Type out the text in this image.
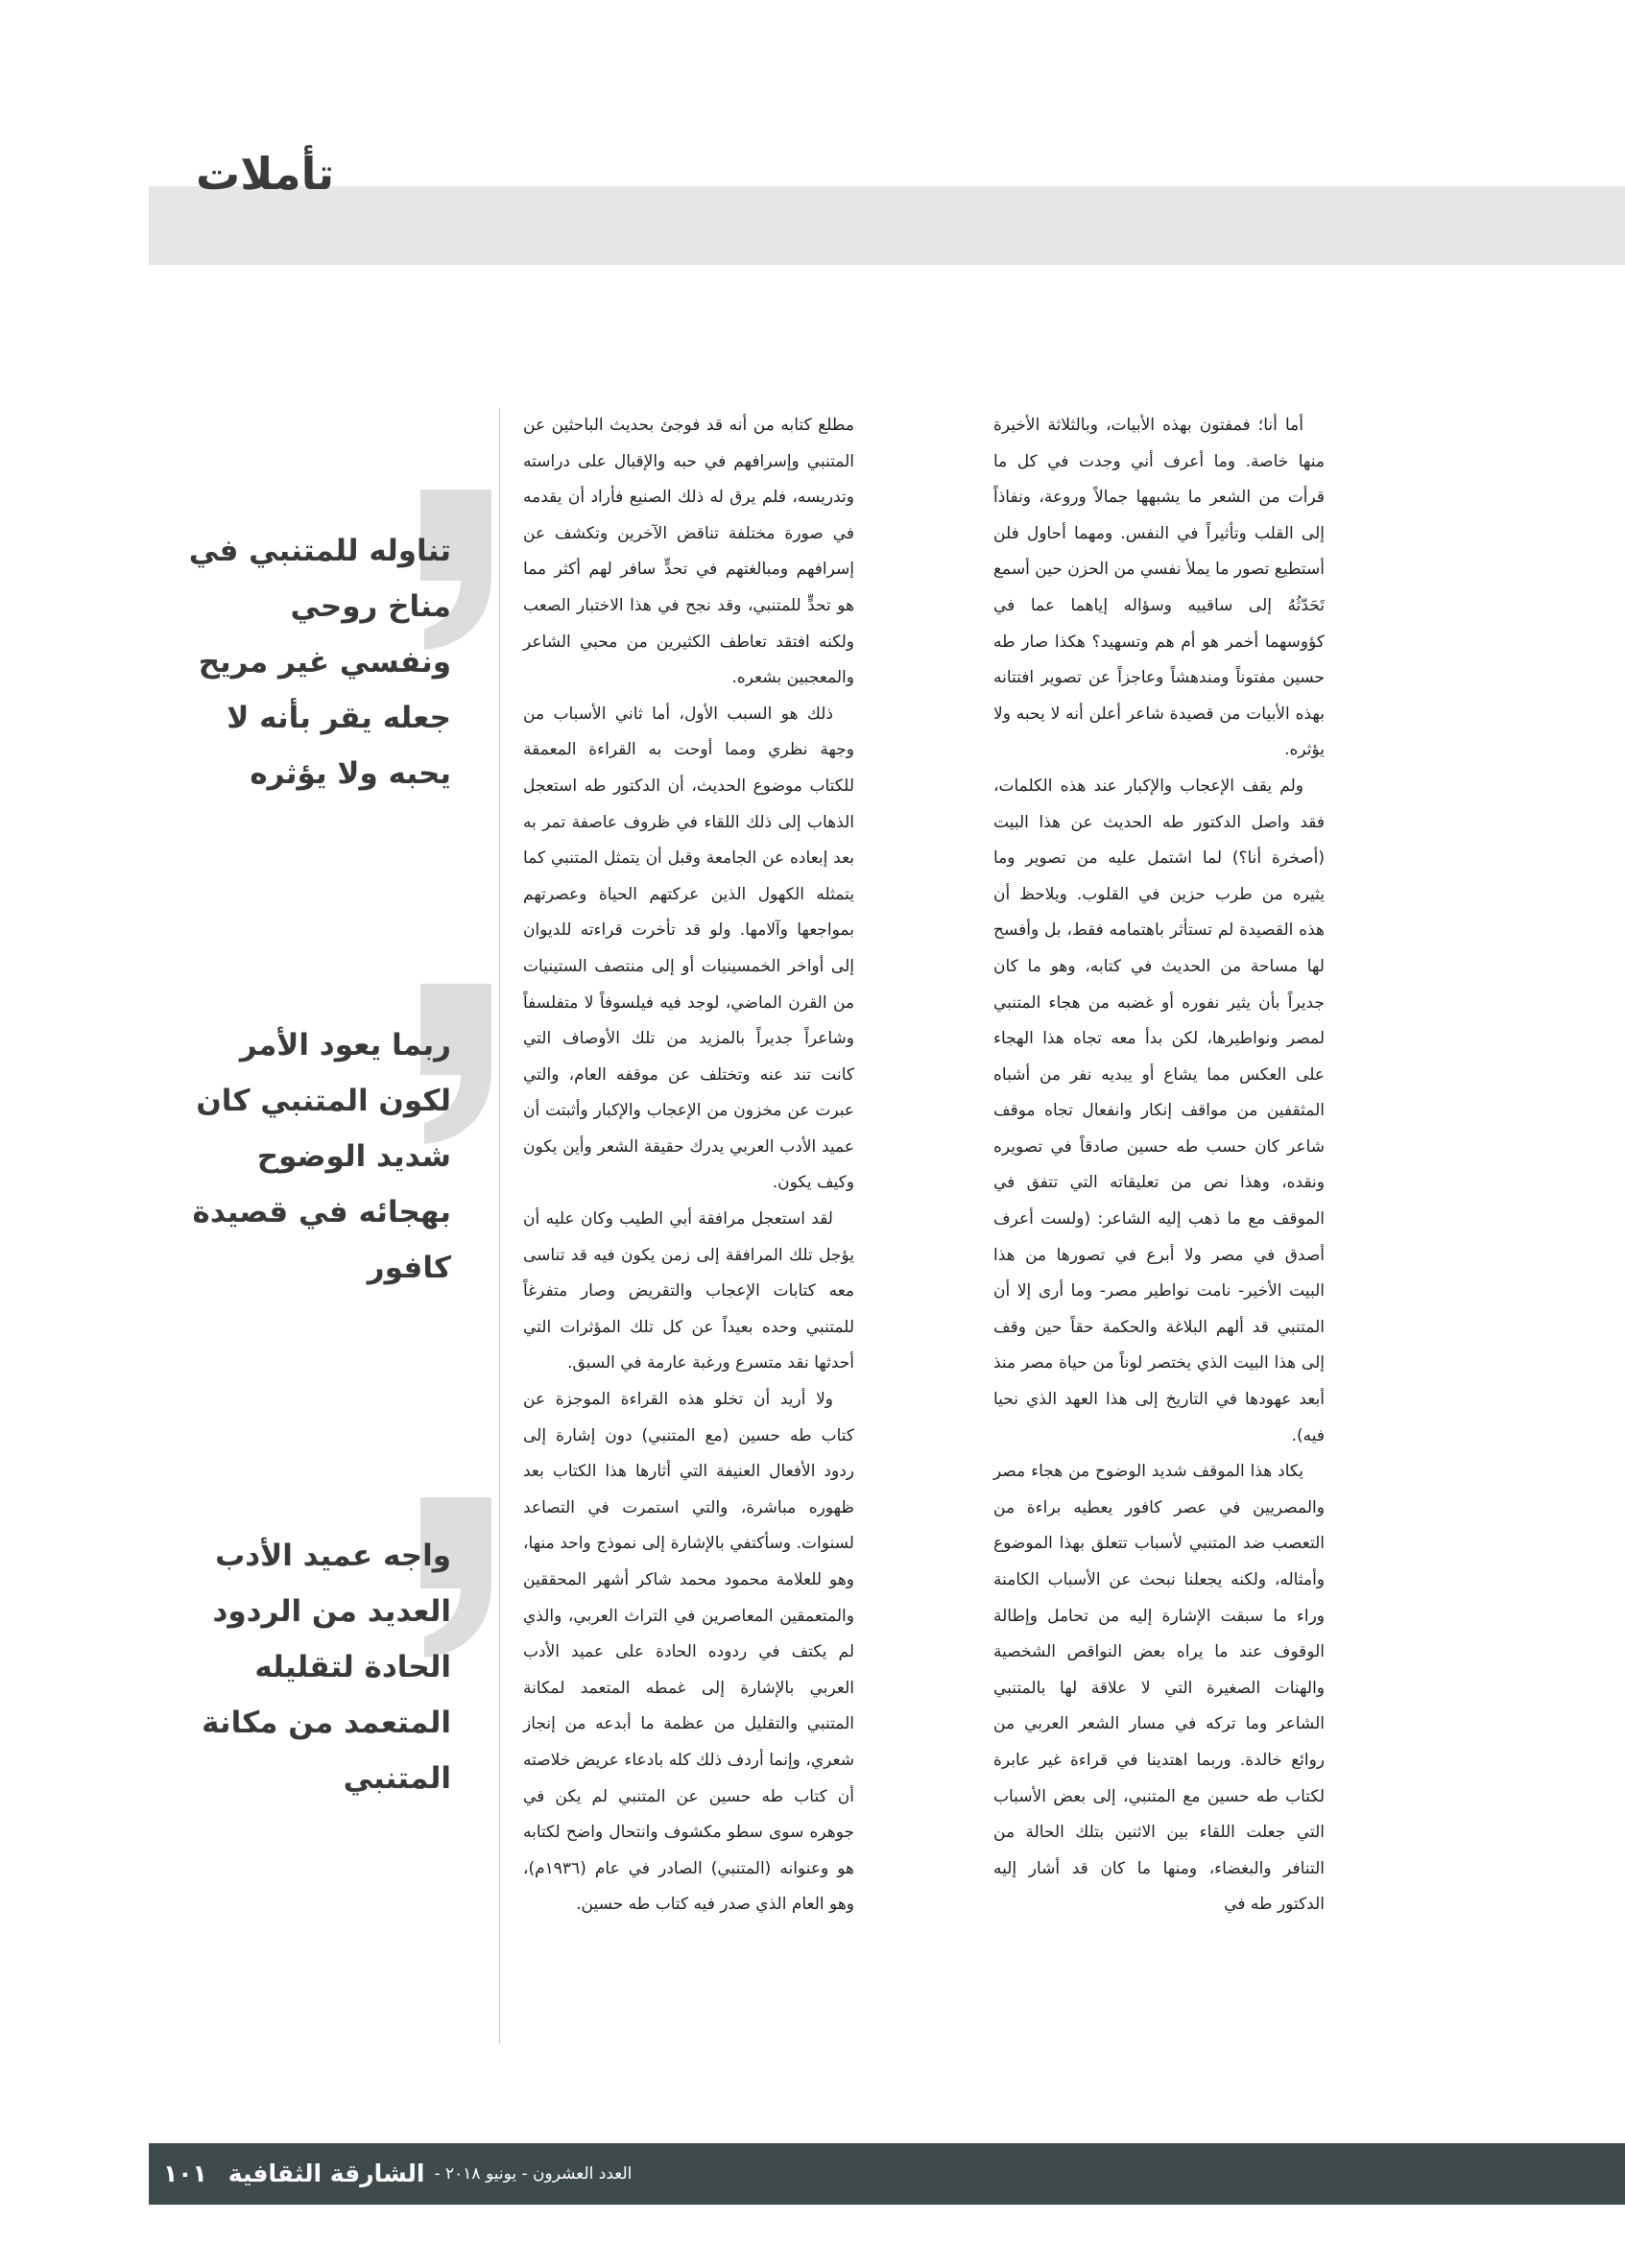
تأملات

أما أنا؛ فمفتون بهذه الأبيات، وبالثلاثة الأخيرة منها خاصة. وما أعرف أني وجدت في كل ما قرأت من الشعر ما يشبهها جمالاً وروعة، ونفاذاً إلى القلب وتأثيراً في النفس. ومهما أحاول فلن أستطيع تصور ما يملأ نفسي من الحزن حين أسمع تَحَدّثُهُ إلى ساقييه وسؤاله إياهما عما في كؤوسهما أخمر هو أم هم وتسهيد؟ هكذا صار طه حسين مفتوناً ومندهشاً وعاجزاً عن تصوير افتتانه بهذه الأبيات من قصيدة شاعر أعلن أنه لا يحبه ولا يؤثره.

ولم يقف الإعجاب والإكبار عند هذه الكلمات، فقد واصل الدكتور طه الحديث عن هذا البيت (أصخرة أنا؟) لما اشتمل عليه من تصوير وما يثيره من طرب حزين في القلوب. ويلاحظ أن هذه القصيدة لم تستأثر باهتمامه فقط، بل وأفسح لها مساحة من الحديث في كتابه، وهو ما كان جديراً بأن يثير نفوره أو غضبه من هجاء المتنبي لمصر ونواطيرها، لكن بدأ معه تجاه هذا الهجاء على العكس مما يشاع أو يبديه نفر من أشباه المثقفين من مواقف إنكار وانفعال تجاه موقف شاعر كان حسب طه حسين صادقاً في تصويره ونقده، وهذا نص من تعليقاته التي تتفق في الموقف مع ما ذهب إليه الشاعر: (ولست أعرف أصدق في مصر ولا أبرع في تصورها من هذا البيت الأخير- نامت نواطير مصر- وما أرى إلا أن المتنبي قد ألهم البلاغة والحكمة حقاً حين وقف إلى هذا البيت الذي يختصر لوناً من حياة مصر منذ أبعد عهودها في التاريخ إلى هذا العهد الذي نحيا فيه).

يكاد هذا الموقف شديد الوضوح من هجاء مصر والمصريين في عصر كافور يعطيه براءة من التعصب ضد المتنبي لأسباب تتعلق بهذا الموضوع وأمثاله، ولكنه يجعلنا نبحث عن الأسباب الكامنة وراء ما سبقت الإشارة إليه من تحامل وإطالة الوقوف عند ما يراه بعض النواقص الشخصية والهنات الصغيرة التي لا علاقة لها بالمتنبي الشاعر وما تركه في مسار الشعر العربي من روائع خالدة. وربما اهتدينا في قراءة غير عابرة لكتاب طه حسين مع المتنبي، إلى بعض الأسباب التي جعلت اللقاء بين الاثنين بتلك الحالة من التنافر والبغضاء، ومنها ما كان قد أشار إليه الدكتور طه في

مطلع كتابه من أنه قد فوجئ بحديث الباحثين عن المتنبي وإسرافهم في حبه والإقبال على دراسته وتدريسه، فلم يرق له ذلك الصنيع فأراد أن يقدمه في صورة مختلفة تناقض الآخرين وتكشف عن إسرافهم ومبالغتهم في تحدٍّ سافر لهم أكثر مما هو تحدٍّ للمتنبي، وقد نجح في هذا الاختبار الصعب ولكنه افتقد تعاطف الكثيرين من محبي الشاعر والمعجبين بشعره.

ذلك هو السبب الأول، أما ثاني الأسباب من وجهة نظري ومما أوحت به القراءة المعمقة للكتاب موضوع الحديث، أن الدكتور طه استعجل الذهاب إلى ذلك اللقاء في ظروف عاصفة تمر به بعد إبعاده عن الجامعة وقبل أن يتمثل المتنبي كما يتمثله الكهول الذين عركتهم الحياة وعصرتهم بمواجعها وآلامها. ولو قد تأخرت قراءته للديوان إلى أواخر الخمسينيات أو إلى منتصف الستينيات من القرن الماضي، لوجد فيه فيلسوفاً لا متفلسفاً وشاعراً جديراً بالمزيد من تلك الأوصاف التي كانت تند عنه وتختلف عن موقفه العام، والتي عبرت عن مخزون من الإعجاب والإكبار وأثبتت أن عميد الأدب العربي يدرك حقيقة الشعر وأين يكون وكيف يكون.

لقد استعجل مرافقة أبي الطيب وكان عليه أن يؤجل تلك المرافقة إلى زمن يكون فيه قد تناسى معه كتابات الإعجاب والتقريض وصار متفرغاً للمتنبي وحده بعيداً عن كل تلك المؤثرات التي أحدثها نقد متسرع ورغبة عارمة في السبق.

ولا أريد أن تخلو هذه القراءة الموجزة عن كتاب طه حسين (مع المتنبي) دون إشارة إلى ردود الأفعال العنيفة التي أثارها هذا الكتاب بعد ظهوره مباشرة، والتي استمرت في التصاعد لسنوات. وسأكتفي بالإشارة إلى نموذج واحد منها، وهو للعلامة محمود محمد شاكر أشهر المحققين والمتعمقين المعاصرين في التراث العربي، والذي لم يكتف في ردوده الحادة على عميد الأدب العربي بالإشارة إلى غمطه المتعمد لمكانة المتنبي والتقليل من عظمة ما أبدعه من إنجاز شعري، وإنما أردف ذلك كله بادعاء عريض خلاصته أن كتاب طه حسين عن المتنبي لم يكن في جوهره سوى سطو مكشوف وانتحال واضح لكتابه هو وعنوانه (المتنبي) الصادر في عام (١٩٣٦م)، وهو العام الذي صدر فيه كتاب طه حسين.

تناوله للمتنبي في مناخ روحي ونفسي غير مريح جعله يقر بأنه لا يحبه ولا يؤثره
ربما يعود الأمر لكون المتنبي كان شديد الوضوح بهجائه في قصيدة كافور
واجه عميد الأدب العديد من الردود الحادة لتقليله المتعمد من مكانة المتنبي
العدد العشرون - يونيو ٢٠١٨ -
الشارقة الثقافية
١٠١
